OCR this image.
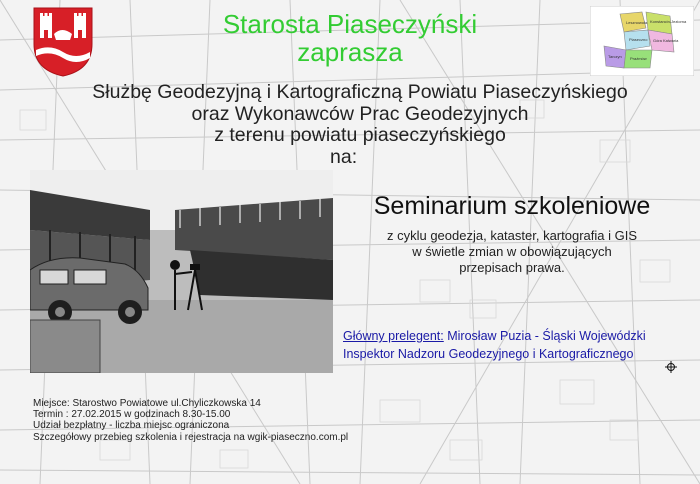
Lesznowola Konstancin-Jeziorna
Piaseczno Góra Kalwaria
Tarczyn Prażmów
Starosta Piaseczyński
zaprasza
Służbę Geodezyjną i Kartograficzną Powiatu Piaseczyńskiego
oraz Wykonawców Prac Geodezyjnych
z terenu powiatu piaseczyńskiego
na:
Seminarium szkoleniowe
z cyklu geodezja, kataster, kartografia i GIS
w świetle zmian w obowiązujących
przepisach prawa.
Główny prelegent: Mirosław Puzia - Śląski Wojewódzki
Inspektor Nadzoru Geodezyjnego i Kartograficznego
Miejsce: Starostwo Powiatowe ul.Chyliczkowska 14
Termin : 27.02.2015 w godzinach 8.30-15.00
Udział bezpłatny - liczba miejsc ograniczona
Szczegółowy przebieg szkolenia i rejestracja na wgik-piaseczno.com.pl
